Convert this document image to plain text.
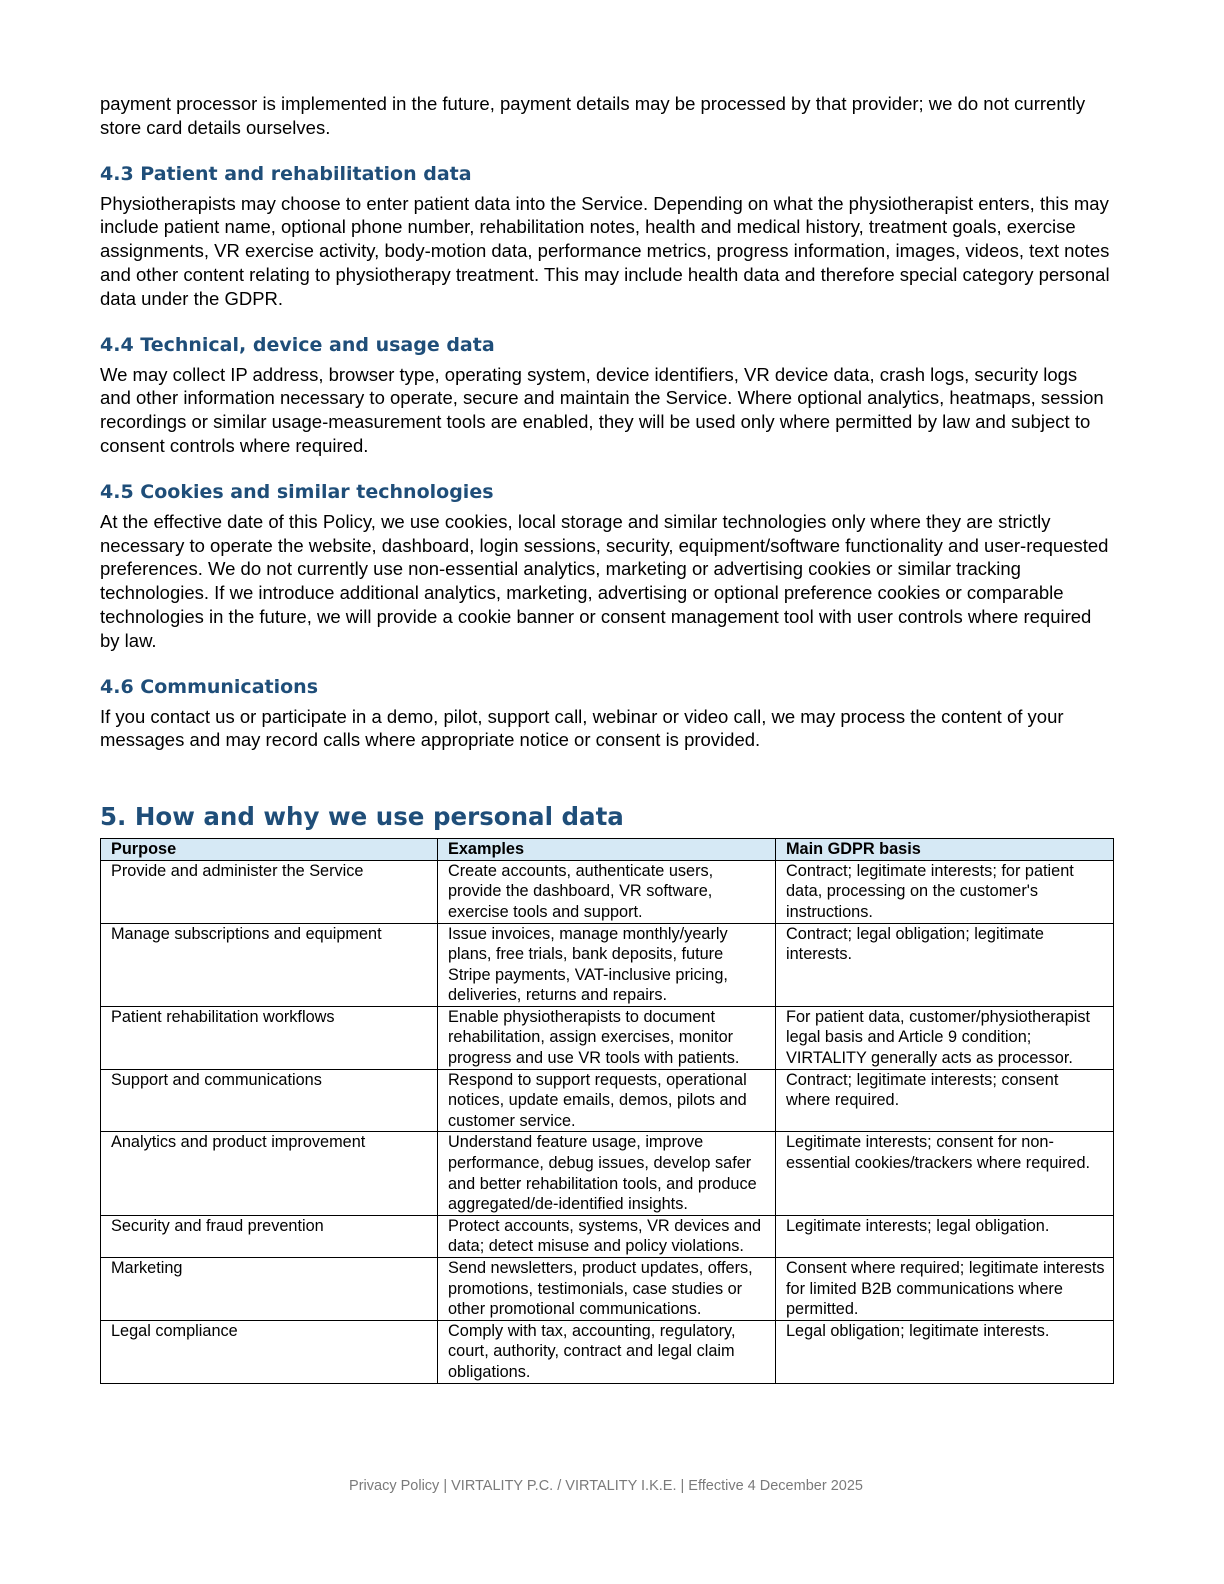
payment processor is implemented in the future, payment details may be processed by that provider; we do not currently store card details ourselves.

4.3 Patient and rehabilitation data

Physiotherapists may choose to enter patient data into the Service. Depending on what the physiotherapist enters, this may include patient name, optional phone number, rehabilitation notes, health and medical history, treatment goals, exercise assignments, VR exercise activity, body-motion data, performance metrics, progress information, images, videos, text notes and other content relating to physiotherapy treatment. This may include health data and therefore special category personal data under the GDPR.

4.4 Technical, device and usage data

We may collect IP address, browser type, operating system, device identifiers, VR device data, crash logs, security logs and other information necessary to operate, secure and maintain the Service. Where optional analytics, heatmaps, session recordings or similar usage-measurement tools are enabled, they will be used only where permitted by law and subject to consent controls where required.

4.5 Cookies and similar technologies

At the effective date of this Policy, we use cookies, local storage and similar technologies only where they are strictly necessary to operate the website, dashboard, login sessions, security, equipment/software functionality and user-requested preferences. We do not currently use non-essential analytics, marketing or advertising cookies or similar tracking technologies. If we introduce additional analytics, marketing, advertising or optional preference cookies or comparable technologies in the future, we will provide a cookie banner or consent management tool with user controls where required by law.

4.6 Communications

If you contact us or participate in a demo, pilot, support call, webinar or video call, we may process the content of your messages and may record calls where appropriate notice or consent is provided.

5. How and why we use personal data
Purpose	Examples	Main GDPR basis
Provide and administer the Service	Create accounts, authenticate users, provide the dashboard, VR software, exercise tools and support.	Contract; legitimate interests; for patient data, processing on the customer's instructions.
Manage subscriptions and equipment	Issue invoices, manage monthly/yearly plans, free trials, bank deposits, future Stripe payments, VAT-inclusive pricing, deliveries, returns and repairs.	Contract; legal obligation; legitimate interests.
Patient rehabilitation workflows	Enable physiotherapists to document rehabilitation, assign exercises, monitor progress and use VR tools with patients.	For patient data, customer/physiotherapist legal basis and Article 9 condition; VIRTALITY generally acts as processor.
Support and communications	Respond to support requests, operational notices, update emails, demos, pilots and customer service.	Contract; legitimate interests; consent where required.
Analytics and product improvement	Understand feature usage, improve performance, debug issues, develop safer and better rehabilitation tools, and produce aggregated/de-identified insights.	Legitimate interests; consent for non-essential cookies/trackers where required.
Security and fraud prevention	Protect accounts, systems, VR devices and data; detect misuse and policy violations.	Legitimate interests; legal obligation.
Marketing	Send newsletters, product updates, offers, promotions, testimonials, case studies or other promotional communications.	Consent where required; legitimate interests for limited B2B communications where permitted.
Legal compliance	Comply with tax, accounting, regulatory, court, authority, contract and legal claim obligations.	Legal obligation; legitimate interests.
Privacy Policy | VIRTALITY P.C. / VIRTALITY I.K.E. | Effective 4 December 2025
